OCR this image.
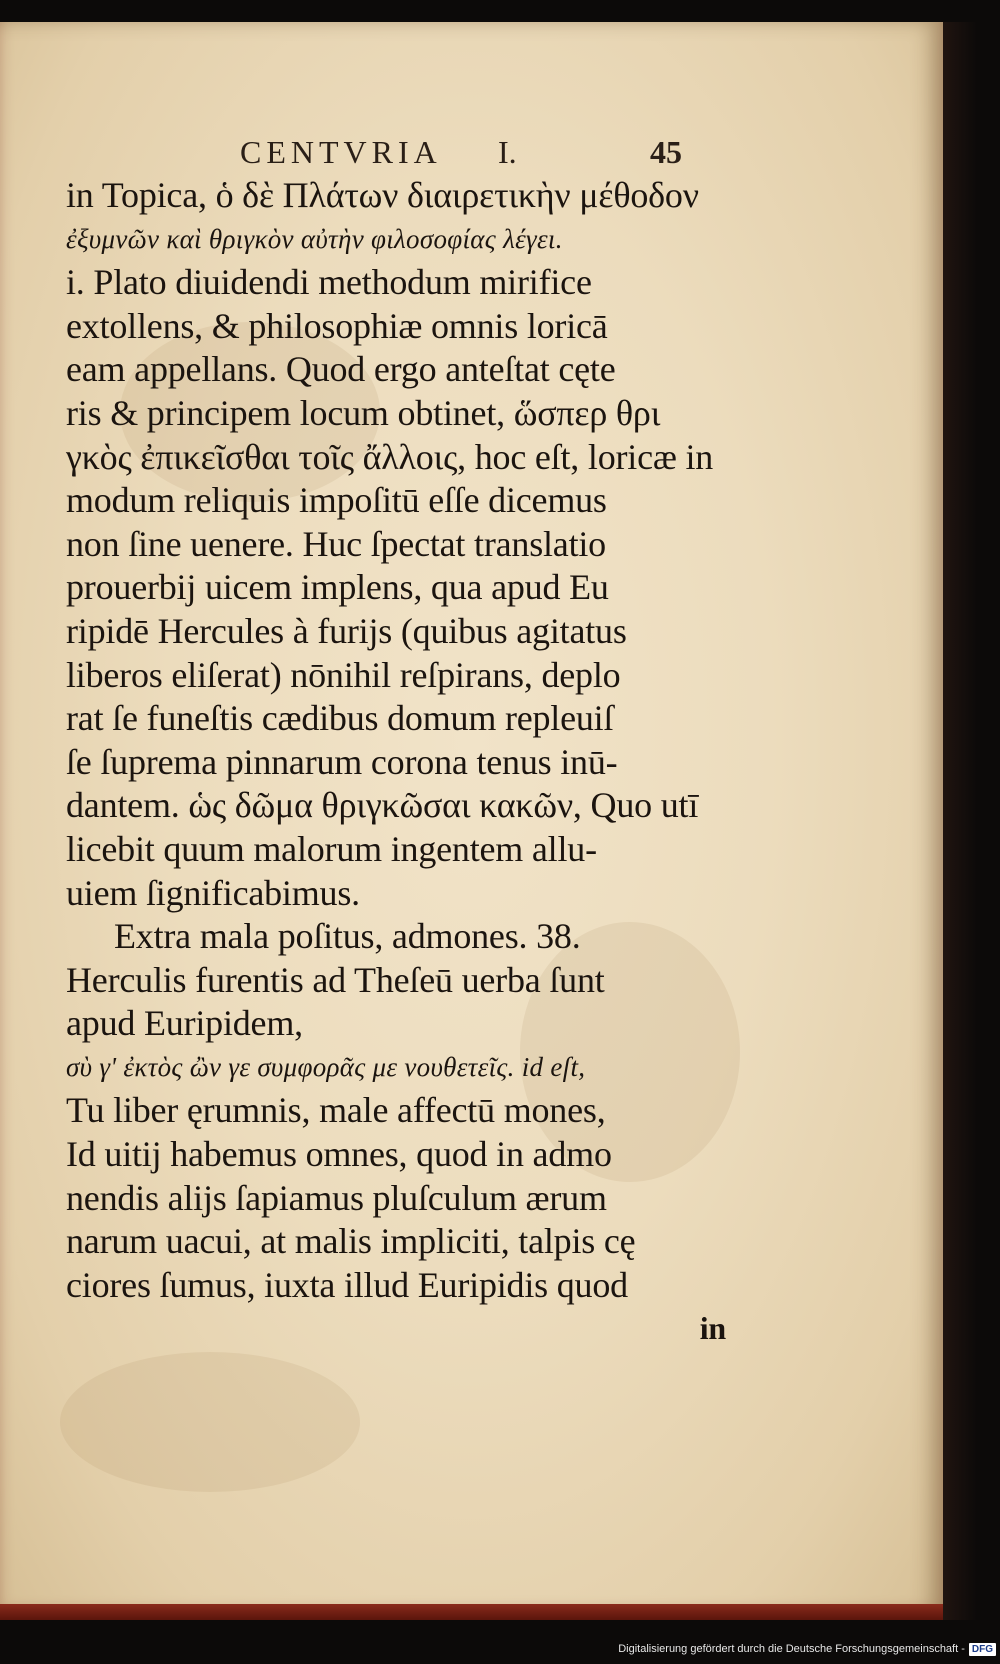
CENTVRIA I.	45
in Topica, ὁ δὲ Πλάτων διαιρετικὴν μέθοδον
ἐξυμνῶν καὶ θριγκὸν αὐτὴν φιλοσοφίας λέγει.
i. Plato diuidendi methodum mirifice
extollens, & philosophiæ omnis loricā
eam appellans. Quod ergo anteſtat cęte
ris & principem locum obtinet, ὥσπερ θρι
γκὸς ἐπικεῖσθαι τοῖς ἄλλοις, hoc eſt, loricæ in
modum reliquis impoſitū eſſe dicemus
non ſine uenere. Huc ſpectat translatio
prouerbij uicem implens, qua apud Eu
ripidē Hercules à furijs (quibus agitatus
liberos eliſerat) nōnihil reſpirans, deplo
rat ſe funeſtis cædibus domum repleuiſ
ſe ſuprema pinnarum corona tenus inū-
dantem. ὡς δῶμα θριγκῶσαι κακῶν, Quo utī
licebit quum malorum ingentem allu-
uiem ſignificabimus.
Extra mala poſitus, admones. 38.
Herculis furentis ad Theſeū uerba ſunt
apud Euripidem,
σὺ γ' ἐκτὸς ὢν γε συμφορᾶς με νουθετεῖς. id eſt,
Tu liber ęrumnis, male affectū mones,
Id uitij habemus omnes, quod in admo
nendis alijs ſapiamus pluſculum ærum
narum uacui, at malis impliciti, talpis cę
ciores ſumus, iuxta illud Euripidis quod
in
Digitalisierung gefördert durch die Deutsche Forschungsgemeinschaft - DFG
